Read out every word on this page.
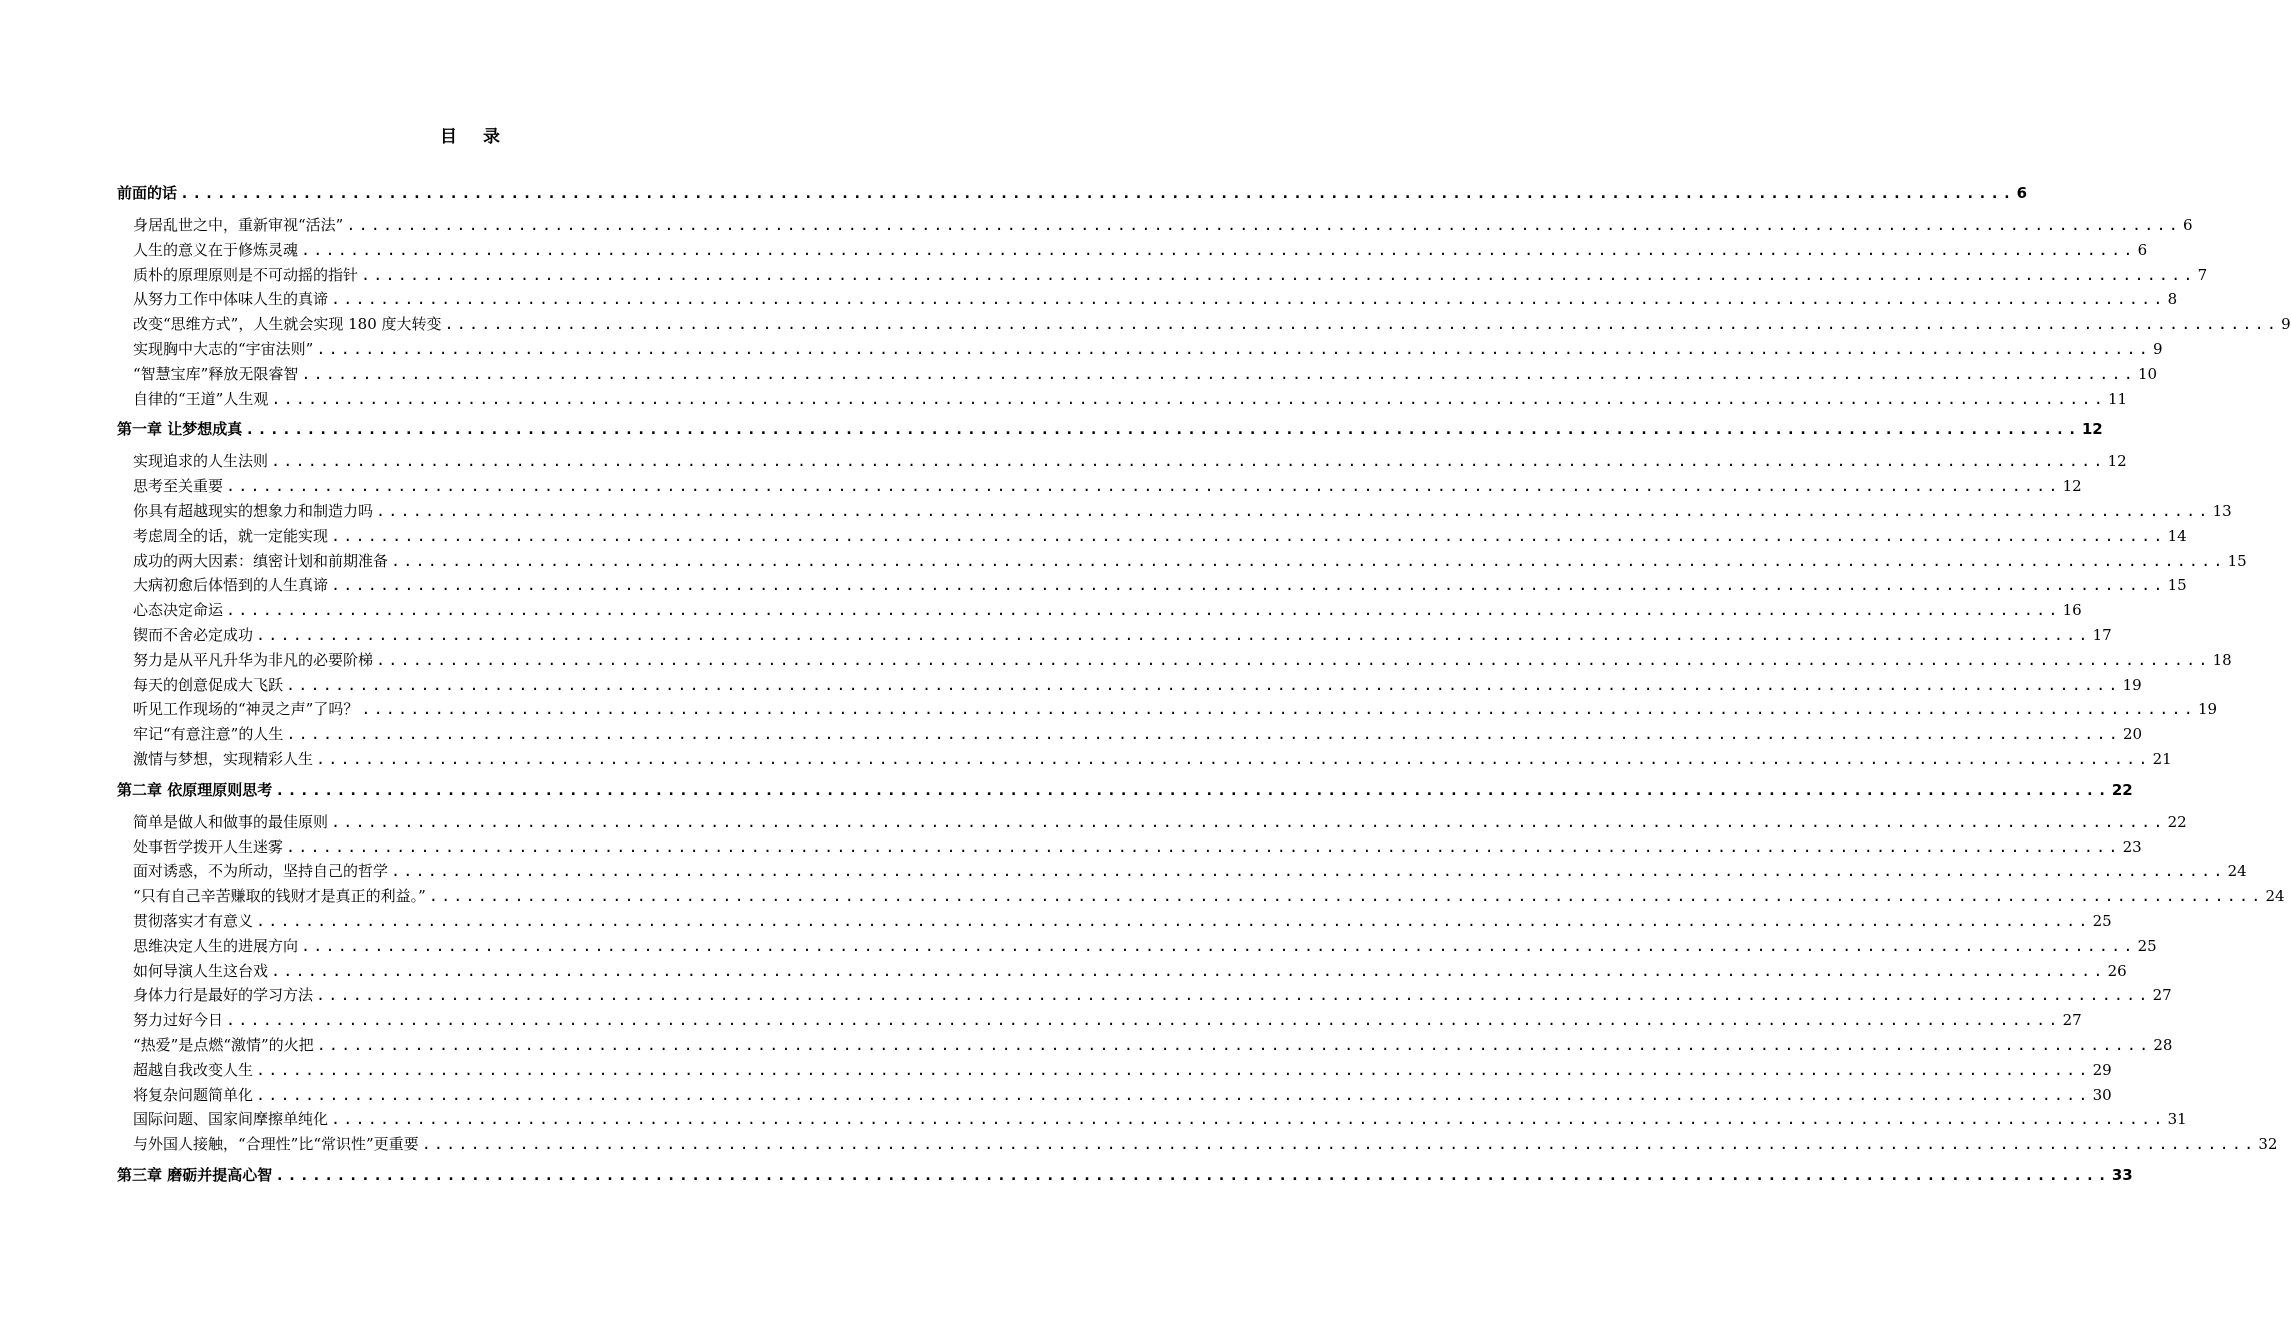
目 录
前面的话 ...................................................................................................................................................... 6
身居乱世之中，重新审视“活法” ...................................................................................................................................................... 6
人生的意义在于修炼灵魂 ...................................................................................................................................................... 6
质朴的原理原则是不可动摇的指针 ...................................................................................................................................................... 7
从努力工作中体味人生的真谛 ...................................................................................................................................................... 8
改变“思维方式”，人生就会实现 180 度大转变 ...................................................................................................................................................... 9
实现胸中大志的“宇宙法则” ...................................................................................................................................................... 9
“智慧宝库”释放无限睿智 ...................................................................................................................................................... 10
自律的“王道”人生观 ...................................................................................................................................................... 11
第一章 让梦想成真 ...................................................................................................................................................... 12
实现追求的人生法则 ...................................................................................................................................................... 12
思考至关重要 ...................................................................................................................................................... 12
你具有超越现实的想象力和制造力吗 ...................................................................................................................................................... 13
考虑周全的话，就一定能实现 ...................................................................................................................................................... 14
成功的两大因素：缜密计划和前期准备 ...................................................................................................................................................... 15
大病初愈后体悟到的人生真谛 ...................................................................................................................................................... 15
心态决定命运 ...................................................................................................................................................... 16
锲而不舍必定成功 ...................................................................................................................................................... 17
努力是从平凡升华为非凡的必要阶梯 ...................................................................................................................................................... 18
每天的创意促成大飞跃 ...................................................................................................................................................... 19
听见工作现场的“神灵之声”了吗？ ...................................................................................................................................................... 19
牢记“有意注意”的人生 ...................................................................................................................................................... 20
激情与梦想，实现精彩人生 ...................................................................................................................................................... 21
第二章 依原理原则思考 ...................................................................................................................................................... 22
简单是做人和做事的最佳原则 ...................................................................................................................................................... 22
处事哲学拨开人生迷雾 ...................................................................................................................................................... 23
面对诱惑，不为所动，坚持自己的哲学 ...................................................................................................................................................... 24
“只有自己辛苦赚取的钱财才是真正的利益。” ...................................................................................................................................................... 24
贯彻落实才有意义 ...................................................................................................................................................... 25
思维决定人生的进展方向 ...................................................................................................................................................... 25
如何导演人生这台戏 ...................................................................................................................................................... 26
身体力行是最好的学习方法 ...................................................................................................................................................... 27
努力过好今日 ...................................................................................................................................................... 27
“热爱”是点燃“激情”的火把 ...................................................................................................................................................... 28
超越自我改变人生 ...................................................................................................................................................... 29
将复杂问题简单化 ...................................................................................................................................................... 30
国际问题、国家间摩擦单纯化 ...................................................................................................................................................... 31
与外国人接触，“合理性”比“常识性”更重要 ...................................................................................................................................................... 32
第三章 磨砺并提高心智 ...................................................................................................................................................... 33
